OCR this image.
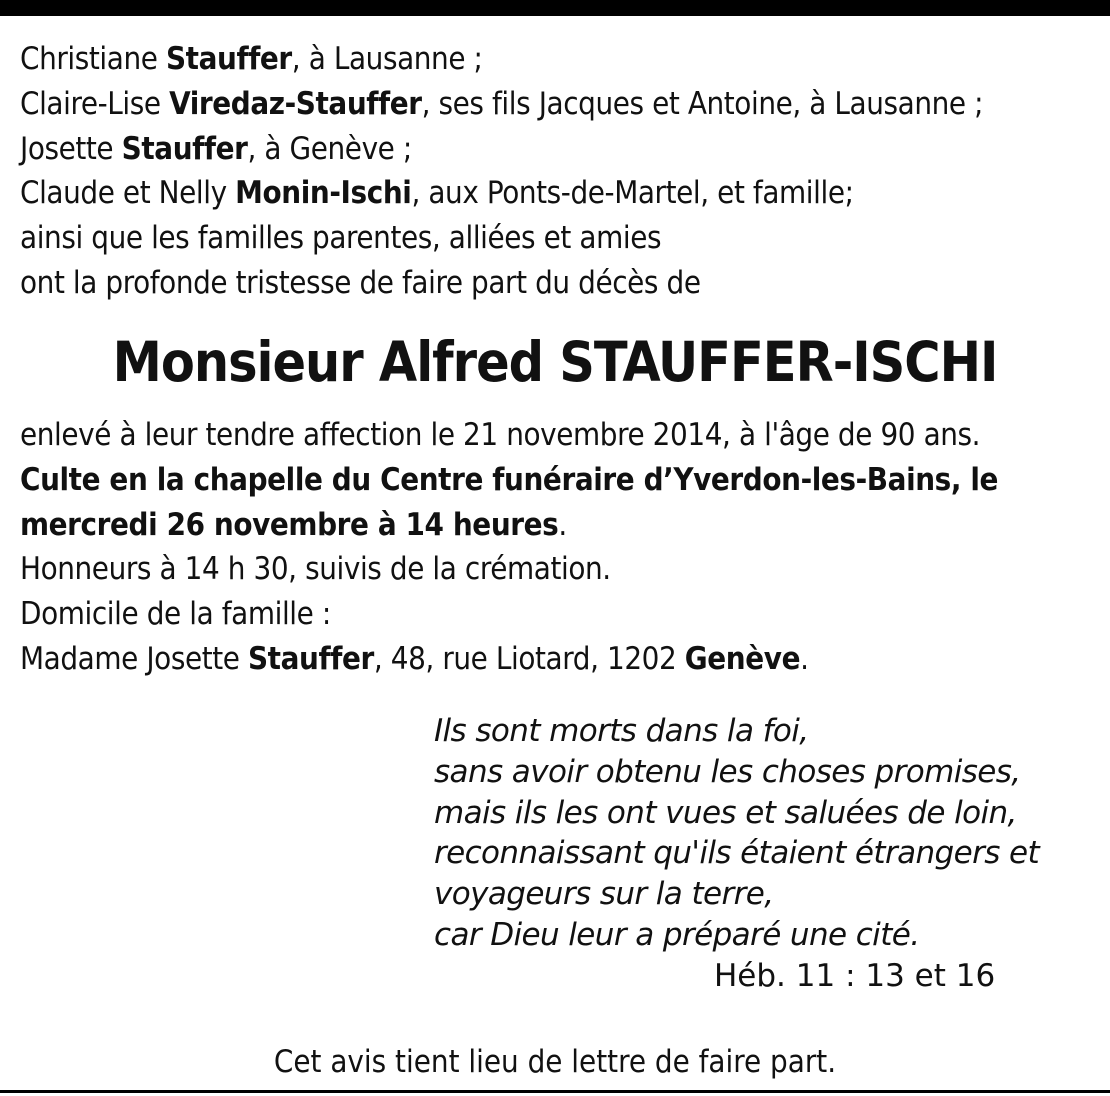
Christiane Stauffer, à Lausanne ;
Claire-Lise Viredaz-Stauffer, ses fils Jacques et Antoine, à Lausanne ;
Josette Stauffer, à Genève ;
Claude et Nelly Monin-Ischi, aux Ponts-de-Martel, et famille;
ainsi que les familles parentes, alliées et amies
ont la profonde tristesse de faire part du décès de
Monsieur Alfred STAUFFER-ISCHI
enlevé à leur tendre affection le 21 novembre 2014, à l'âge de 90 ans.
Culte en la chapelle du Centre funéraire d’Yverdon-les-Bains, le mercredi 26 novembre à 14 heures.
Honneurs à 14 h 30, suivis de la crémation.
Domicile de la famille :
Madame Josette Stauffer, 48, rue Liotard, 1202 Genève.
Ils sont morts dans la foi,
sans avoir obtenu les choses promises,
mais ils les ont vues et saluées de loin,
reconnaissant qu'ils étaient étrangers et
voyageurs sur la terre,
car Dieu leur a préparé une cité.
Héb. 11 : 13 et 16
Cet avis tient lieu de lettre de faire part.
